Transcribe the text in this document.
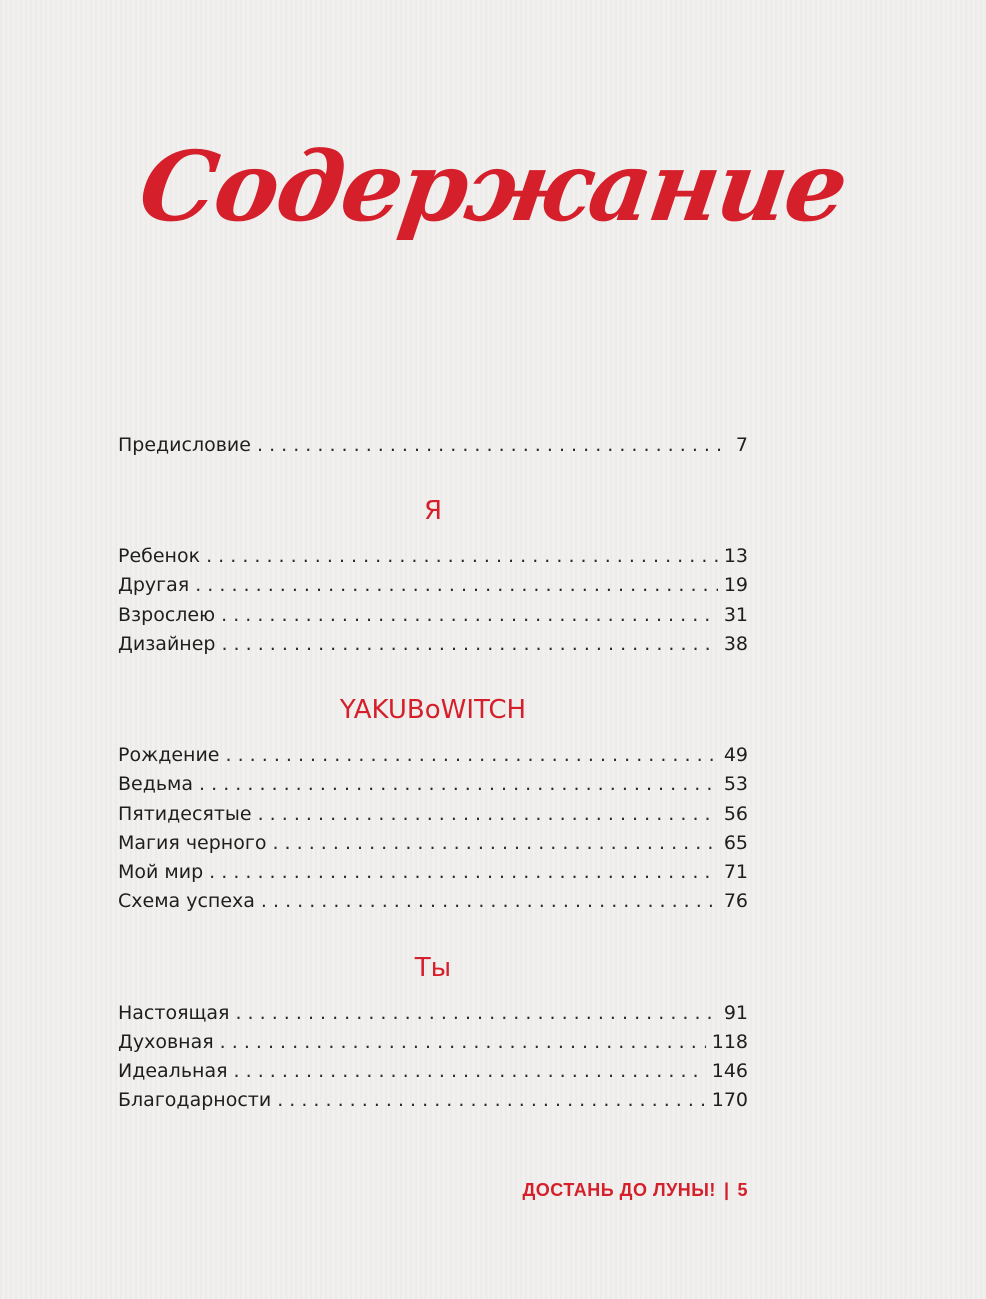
Содержание
Предисловие . . .	7
Я
Ребенок . . .	13
Другая . . .	19
Взрослею . . .	31
Дизайнер . . .	38
YAKUBoWITCH
Рождение . . .	49
Ведьма . . .	53
Пятидесятые . . .	56
Магия черного . . .	65
Мой мир . . .	71
Схема успеха . . .	76
Ты
Настоящая . . .	91
Духовная . . .	118
Идеальная . . .	146
Благодарности . . .	170
ДОСТАНЬ ДО ЛУНЫ! | 5
